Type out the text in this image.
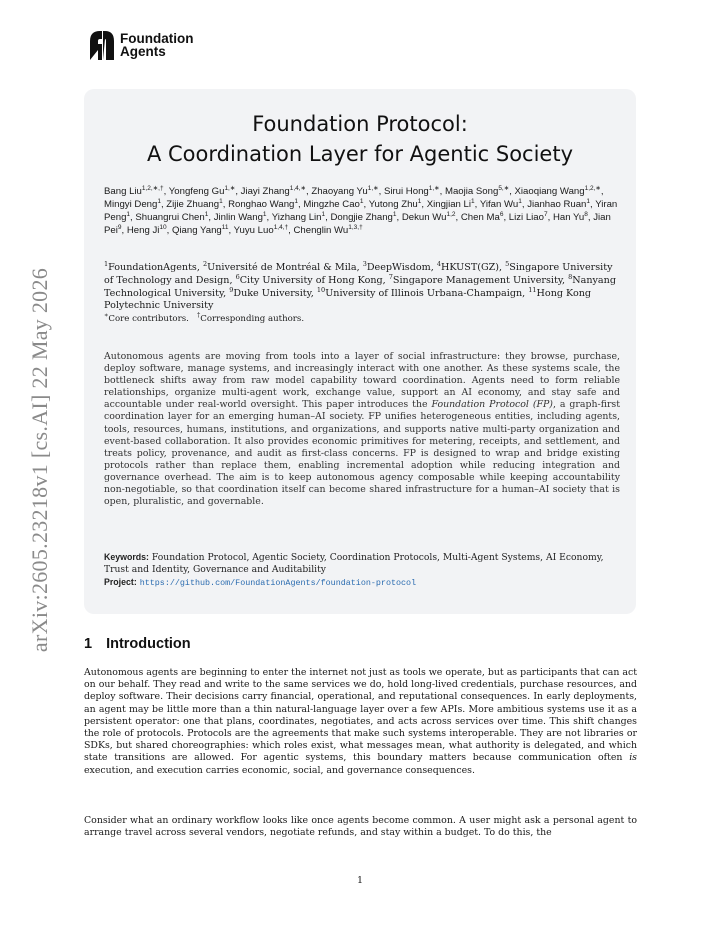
Foundation
Agents
arXiv:2605.23218v1 [cs.AI] 22 May 2026
Foundation Protocol:
A Coordination Layer for Agentic Society
Bang Liu$^{1,2,∗,\dagger}$, Yongfeng $Gu^{1,∗}$, Jiayi Zhang$^{1,4,∗}$, Zhaoyang $Yu^{1,∗}$, Sirui Hong$^{1,∗}$, Maojia Song$^{5,∗}$, Xiaoqiang Wang$^{1,2,∗}$, Mingyi Deng$^1$, Zijie Zhuang$^1$, Ronghao Wang$^1$, Mingzhe Cao$^1$, Yutong Zhu$^1$, Xingjian Li$^1$, Yifan Wu$^1$, Jianhao Ruan$^1$, Yiran Peng$^1$, Shuangrui Chen$^1$, Jinlin Wang$^1$, Yizhang Lin$^1$, Dongjie Zhang$^1$, Dekun Wu$^{1,2}$, Chen Ma$^6$, Lizi Liao$^7$, Han Yu$^8$, Jian Pei$^9$, Heng Ji$^{10}$, Qiang Yang$^{11}$, Yuyu Luo$^{1,4,\dagger}$, Chenglin $Wu^{1,3,\dagger}$
$^1$FoundationAgents, $^2$Université de Montréal & Mila, $^3$DeepWisdom, $^4$HKUST(GZ), $^5$Singapore University of Technology and Design, $^6$City University of Hong Kong, $^7$Singapore Management University, $^8$Nanyang Technological University, $^9$Duke University, $^{10}$University of Illinois Urbana-Champaign, $^{11}$Hong Kong Polytechnic University
∗Core contributors. †Corresponding authors.
Autonomous agents are moving from tools into a layer of social infrastructure: they browse, purchase, deploy software, manage systems, and increasingly interact with one another. As these systems scale, the bottleneck shifts away from raw model capability toward coordination. Agents need to form reliable relationships, organize multi-agent work, exchange value, support an AI economy, and stay safe and accountable under real-world oversight. This paper introduces the Foundation Protocol (FP), a graph-first coordination layer for an emerging human–AI society. FP unifies heterogeneous entities, including agents, tools, resources, humans, institutions, and organizations, and supports native multi-party organization and event-based collaboration. It also provides economic primitives for metering, receipts, and settlement, and treats policy, provenance, and audit as first-class concerns. FP is designed to wrap and bridge existing protocols rather than replace them, enabling incremental adoption while reducing integration and governance overhead. The aim is to keep autonomous agency composable while keeping accountability non-negotiable, so that coordination itself can become shared infrastructure for a human–AI society that is open, pluralistic, and governable.
Keywords: Foundation Protocol, Agentic Society, Coordination Protocols, Multi-Agent Systems, AI Economy, Trust and Identity, Governance and Auditability
Project: https://github.com/FoundationAgents/foundation-protocol
1 Introduction
Autonomous agents are beginning to enter the internet not just as tools we operate, but as participants that can act on our behalf. They read and write to the same services we do, hold long-lived credentials, purchase resources, and deploy software. Their decisions carry financial, operational, and reputational consequences. In early deployments, an agent may be little more than a thin natural-language layer over a few APIs. More ambitious systems use it as a persistent operator: one that plans, coordinates, negotiates, and acts across services over time. This shift changes the role of protocols. Protocols are the agreements that make such systems interoperable. They are not libraries or SDKs, but shared choreographies: which roles exist, what messages mean, what authority is delegated, and which state transitions are allowed. For agentic systems, this boundary matters because communication often is execution, and execution carries economic, social, and governance consequences.
Consider what an ordinary workflow looks like once agents become common. A user might ask a personal agent to arrange travel across several vendors, negotiate refunds, and stay within a budget. To do this, the
1
